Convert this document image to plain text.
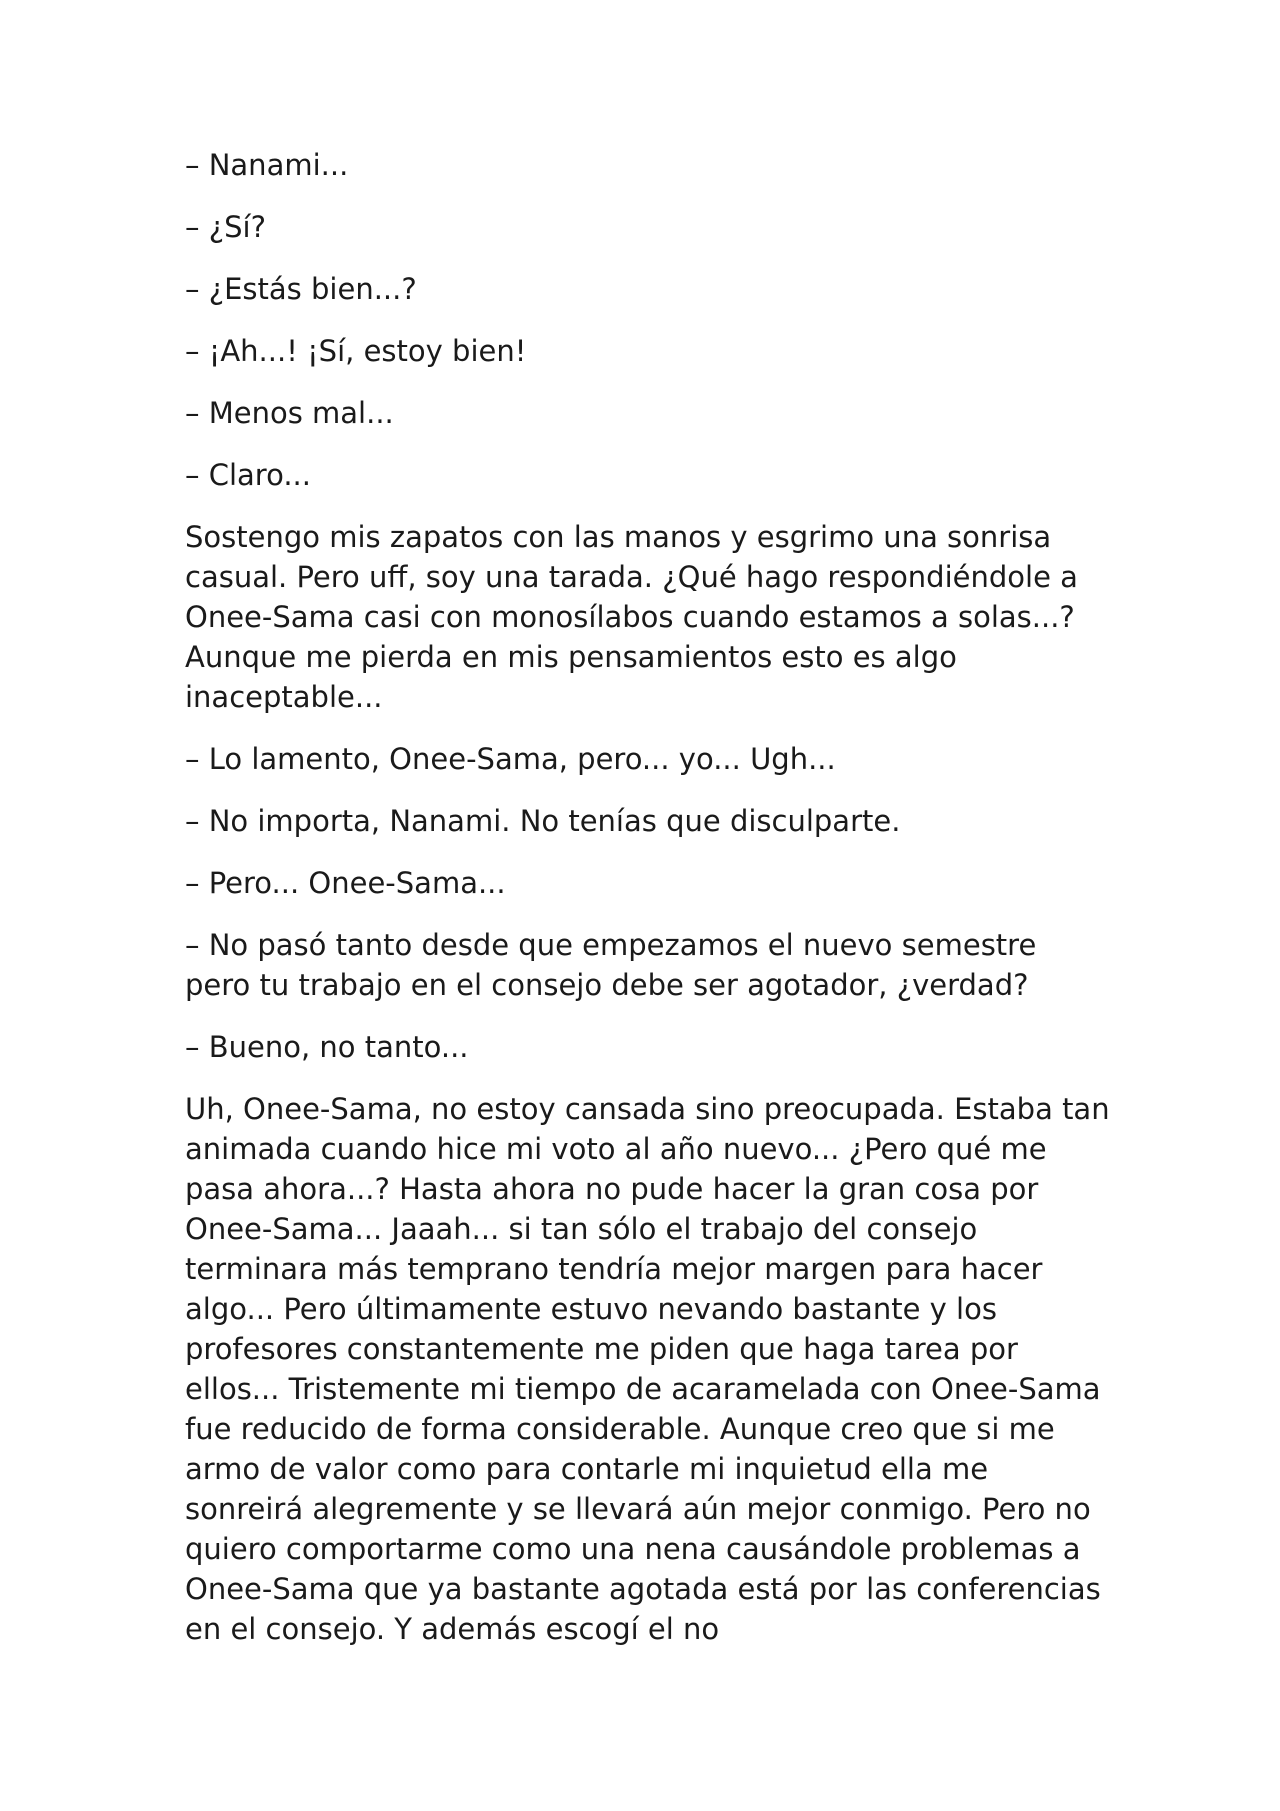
– Nanami...

– ¿Sí?

– ¿Estás bien...?

– ¡Ah...! ¡Sí, estoy bien!

– Menos mal...

– Claro...

Sostengo mis zapatos con las manos y esgrimo una sonrisa casual. Pero uff, soy una tarada. ¿Qué hago respondiéndole a Onee-Sama casi con monosílabos cuando estamos a solas...? Aunque me pierda en mis pensamientos esto es algo inaceptable...

– Lo lamento, Onee-Sama, pero... yo... Ugh...

– No importa, Nanami. No tenías que disculparte.

– Pero... Onee-Sama...

– No pasó tanto desde que empezamos el nuevo semestre pero tu trabajo en el consejo debe ser agotador, ¿verdad?

– Bueno, no tanto...

Uh, Onee-Sama, no estoy cansada sino preocupada. Estaba tan animada cuando hice mi voto al año nuevo... ¿Pero qué me pasa ahora...? Hasta ahora no pude hacer la gran cosa por Onee-Sama... Jaaah... si tan sólo el trabajo del consejo terminara más temprano tendría mejor margen para hacer algo... Pero últimamente estuvo nevando bastante y los profesores constantemente me piden que haga tarea por ellos... Tristemente mi tiempo de acaramelada con Onee-Sama fue reducido de forma considerable. Aunque creo que si me armo de valor como para contarle mi inquietud ella me sonreirá alegremente y se llevará aún mejor conmigo. Pero no quiero comportarme como una nena causándole problemas a Onee-Sama que ya bastante agotada está por las conferencias en el consejo. Y además escogí el no
